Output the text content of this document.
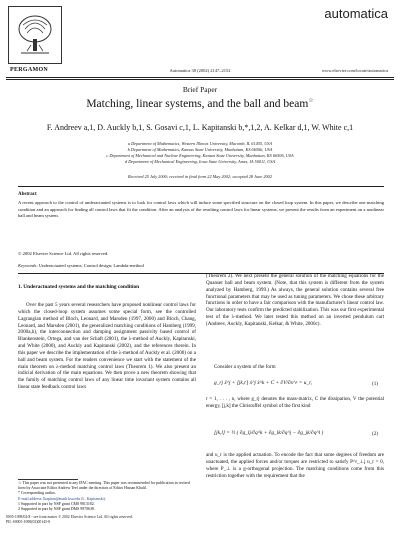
PERGAMON	Automatica 38 (2002) 2147–2152
automatica
www.elsevier.com/locate/automatica
Brief Paper
Matching, linear systems, and the ball and beam☆
F. Andreev a,1, D. Auckly b,1, S. Gosavi c,1, L. Kapitanski b,*,1,2, A. Kelkar d,1, W. White c,1
a Department of Mathematics, Western Illinois University, Macomb, IL 61455, USA
b Department of Mathematics, Kansas State University, Manhattan, KS 66506, USA
c Department of Mechanical and Nuclear Engineering, Kansas State University, Manhattan, KS 66506, USA
d Department of Mechanical Engineering, Iowa State University, Ames, IA 50011, USA
Received 25 July 2000; received in final form 22 May 2002; accepted 28 June 2002
Abstract
A recent approach to the control of underactuated systems is to look for control laws which will induce some specified structure on the closed loop system. In this paper, we describe one matching condition and an approach for finding all control laws that fit the condition. After an analysis of the resulting control laws for linear systems, we present the results from an experiment on a nonlinear ball and beam system.
© 2002 Elsevier Science Ltd. All rights reserved.
Keywords: Underactuated systems; Control design; Lambda-method
1. Underactuated systems and the matching condition
Over the past 5 years several researchers have proposed nonlinear control laws for which the closed-loop system assumes some special form, see the controlled Lagrangian method of Bloch, Leonard, and Marsden (1997, 2000) and Bloch, Chang, Leonard, and Marsden (2001), the generalized matching conditions of Hamberg (1999, 2000a,b), the interconnection and damping assignment passivity based control of Blankenstein, Ortega, and van der Schaft (2001), the λ-method of Auckly, Kapitanski, and White (2000), and Auckly and Kapitanski (2002), and the references therein. In this paper we describe the implementation of the λ-method of Auckly et al. (2000) on a ball and beam system. For the readers convenience we start with the statement of the main theorem on λ-method matching control laws (Theorem 1). We also present an indicial derivation of the main equations. We then prove a new theorem showing that the family of matching control laws of any linear time invariant system contains all linear state feedback control laws
(Theorem 2). We next present the general solution of the matching equations for the Quanser ball and beam system. (Note, that this system is different from the system analyzed by Hamberg, 1999.) As always, the general solution contains several free functional parameters that may be used as tuning parameters. We chose these arbitrary functions in order to have a fair comparison with the manufacturer's linear control law. Our laboratory tests confirm the predicted stabilization. This was our first experimental test of the λ-method. We later tested this method on an inverted pendulum cart (Andreev, Auckly, Kapitanski, Kelkar, & White, 2000c).
Consider a system of the form
g_rj ẍ^j + [jk,r] ẋ^j ẋ^k + C + ∂V/∂x^r = u_r,	(1)
r = 1, . . . , n, where g_rj denotes the mass-matrix, C the dissipation, V the potential energy, [j,k] the Christoffel symbol of the first kind
[jk,l] = ½ ( ∂g_lj/∂q^k + ∂g_lk/∂q^j − ∂g_jk/∂q^l )	(2)
and u_r is the applied actuation. To encode the fact that some degrees of freedom are unactuated, the applied forces and/or torques are restricted to satisfy P^r_⊥j u_r = 0, where P_⊥ is a g-orthogonal projection. The matching conditions come from this restriction together with the requirement that the
☆ This paper was not presented at any IFAC meeting. This paper was recommended for publication in revised form by Associate Editor Andrew Teel under the direction of Editor Hassan Khalil.
* Corresponding author.
E-mail address: lkapitan@math.ksu.edu (L. Kapitanski).
1 Supported in part by NSF grant CMS 9813182.
2 Supported in part by NSF grant DMS 9970638.
0005-1098/02/$ - see front matter © 2002 Elsevier Science Ltd. All rights reserved.
PII: S0005-1098(02)00145-8
